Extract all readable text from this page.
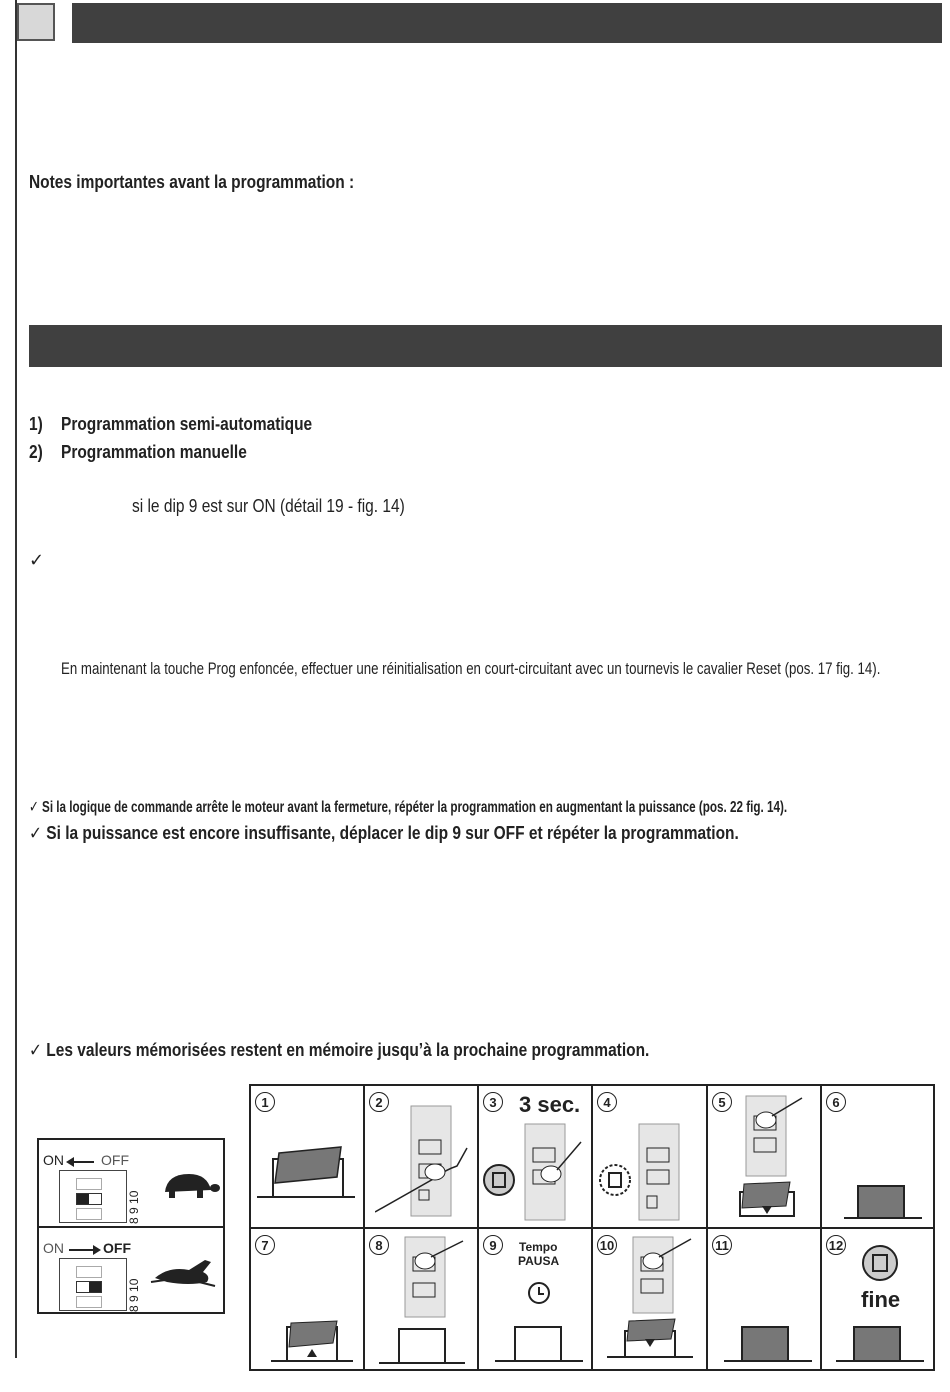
Notes importantes avant la programmation :
1) Programmation semi-automatique
2) Programmation manuelle
si le dip 9 est sur ON (détail 19 - fig. 14)
✓
En maintenant la touche Prog enfoncée, effectuer une réinitialisation en court-circuitant avec un tournevis le cavalier Reset (pos. 17 fig. 14).
✓ Si la logique de commande arrête le moteur avant la fermeture, répéter la programmation en augmentant la puissance (pos. 22 fig. 14).
✓ Si la puissance est encore insuffisante, déplacer le dip 9 sur OFF et répéter la programmation.
✓ Les valeurs mémorisées restent en mémoire jusqu’à la prochaine programmation.
ON	OFF
8 9 10
ON	OFF
8 9 10
1	2	3 3 sec.	4	5	6
7	8	9	Tempo
PAUSA
10	11	12
fine
